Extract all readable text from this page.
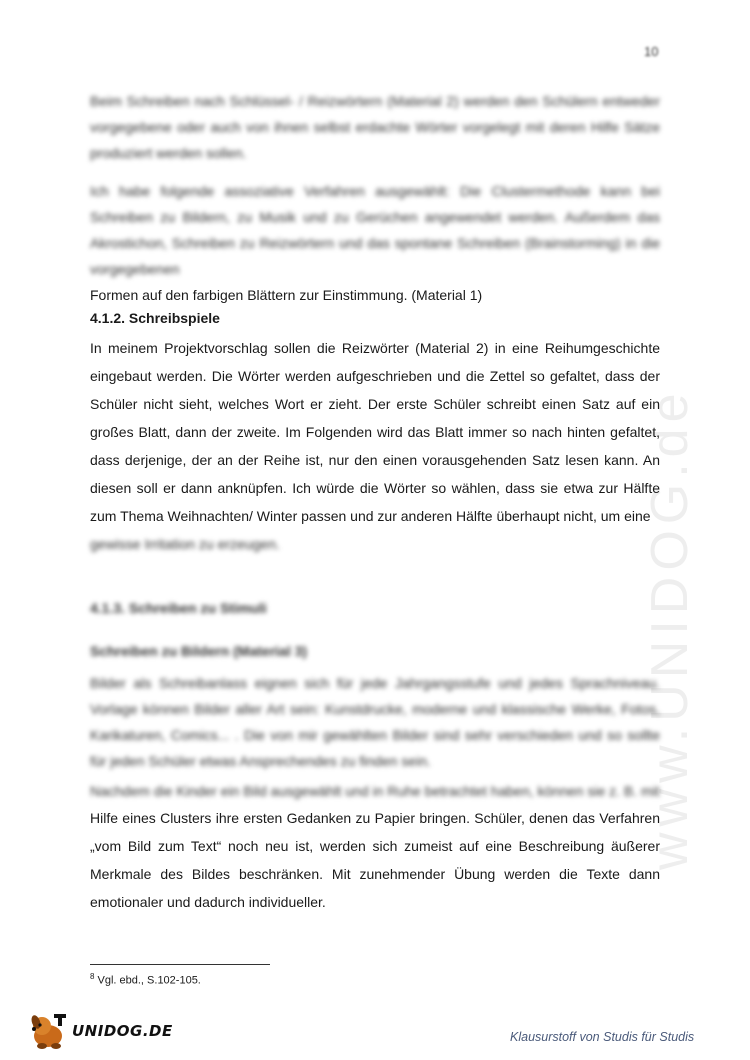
www.UNIDOG.de
10

Beim Schreiben nach Schlüssel- / Reizwörtern (Material 2) werden den Schülern entweder vorgegebene oder auch von ihnen selbst erdachte Wörter vorgelegt mit deren Hilfe Sätze produziert werden sollen.

Ich habe folgende assoziative Verfahren ausgewählt: Die Clustermethode kann bei Schreiben zu Bildern, zu Musik und zu Gerüchen angewendet werden. Außerdem das Akrostichon, Schreiben zu Reizwörtern und das spontane Schreiben (Brainstorming) in die vorgegebenen

Formen auf den farbigen Blättern zur Einstimmung. (Material 1)

4.1.2. Schreibspiele

In meinem Projektvorschlag sollen die Reizwörter (Material 2) in eine Reihumgeschichte eingebaut werden. Die Wörter werden aufgeschrieben und die Zettel so gefaltet, dass der Schüler nicht sieht, welches Wort er zieht. Der erste Schüler schreibt einen Satz auf ein großes Blatt, dann der zweite. Im Folgenden wird das Blatt immer so nach hinten gefaltet, dass derjenige, der an der Reihe ist, nur den einen vorausgehenden Satz lesen kann. An diesen soll er dann anknüpfen. Ich würde die Wörter so wählen, dass sie etwa zur Hälfte zum Thema Weihnachten/ Winter passen und zur anderen Hälfte überhaupt nicht, um eine

gewisse Irritation zu erzeugen.

4.1.3. Schreiben zu Stimuli

Schreiben zu Bildern (Material 3)

Bilder als Schreibanlass eignen sich für jede Jahrgangsstufe und jedes Sprachniveau. Vorlage können Bilder aller Art sein: Kunstdrucke, moderne und klassische Werke, Fotos, Karikaturen, Comics... . Die von mir gewählten Bilder sind sehr verschieden und so sollte für jeden Schüler etwas Ansprechendes zu finden sein.

Nachdem die Kinder ein Bild ausgewählt und in Ruhe betrachtet haben, können sie z. B. mit

Hilfe eines Clusters ihre ersten Gedanken zu Papier bringen. Schüler, denen das Verfahren „vom Bild zum Text“ noch neu ist, werden sich zumeist auf eine Beschreibung äußerer Merkmale des Bildes beschränken. Mit zunehmender Übung werden die Texte dann emotionaler und dadurch individueller.

$^8$ Vgl. ebd., S.102-105.
UNIDOG.DE	Klausurstoff von Studis für Studis
